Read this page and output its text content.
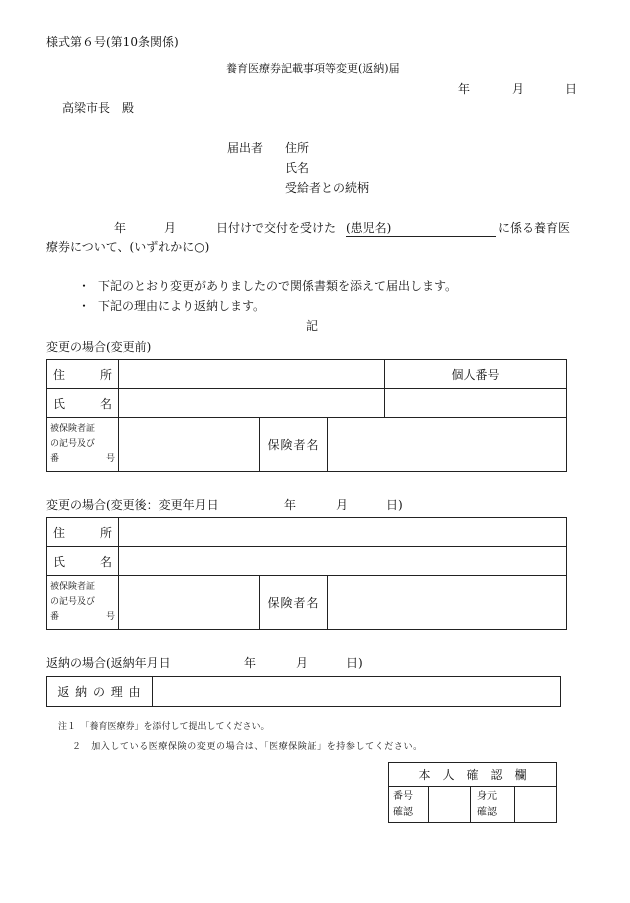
様式第６号(第10条関係)
養育医療券記載事項等変更(返納)届
年	月	日
高梁市長　殿
届出者 住所
氏名
受給者との続柄
年	月	日付けで交付を受けた (患児名)	に係る養育医
療券について、(いずれかに○)
・ 下記のとおり変更がありましたので関係書類を添えて届出します。
・ 下記の理由により返納します。
記
変更の場合(変更前)
住 所				個人番号

氏 名				

被保険者証
の記号及び
番 号		保険者名		
変更の場合(変更後：変更年月日	年	月	日)
住 所			

氏 名			

被保険者証
の記号及び
番 号		保険者名	
返納の場合(返納年月日	年	月	日)
返 納 の 理 由	
注１　「養育医療券」を添付して提出してください。
２　加入している医療保険の変更の場合は、「医療保険証」を持参してください。
本　人　確　認　欄

番号
確認

身元
確認
